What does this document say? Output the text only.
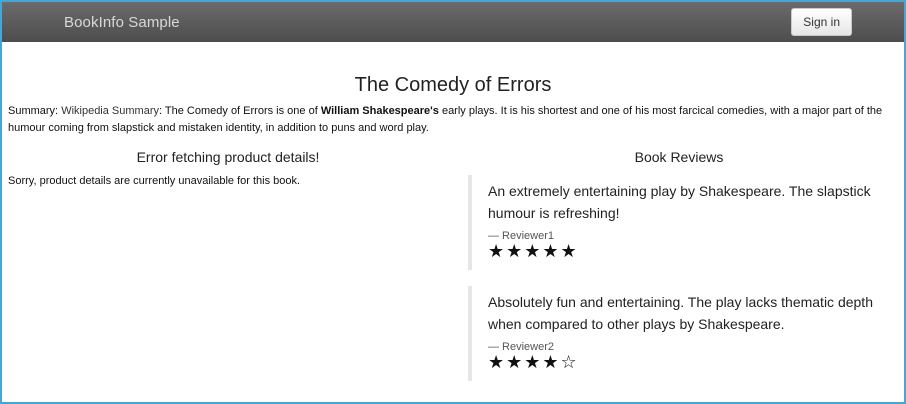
BookInfo Sample	Sign in
The Comedy of Errors

Summary: Wikipedia Summary: The Comedy of Errors is one of William Shakespeare's early plays. It is his shortest and one of his most farcical comedies, with a major part of the humour coming from slapstick and mistaken identity, in addition to puns and word play.

Error fetching product details!

Sorry, product details are currently unavailable for this book.

Book Reviews

An extremely entertaining play by Shakespeare. The slapstick humour is refreshing!

— Reviewer1
★★★★★

Absolutely fun and entertaining. The play lacks thematic depth when compared to other plays by Shakespeare.

— Reviewer2
★★★★☆
